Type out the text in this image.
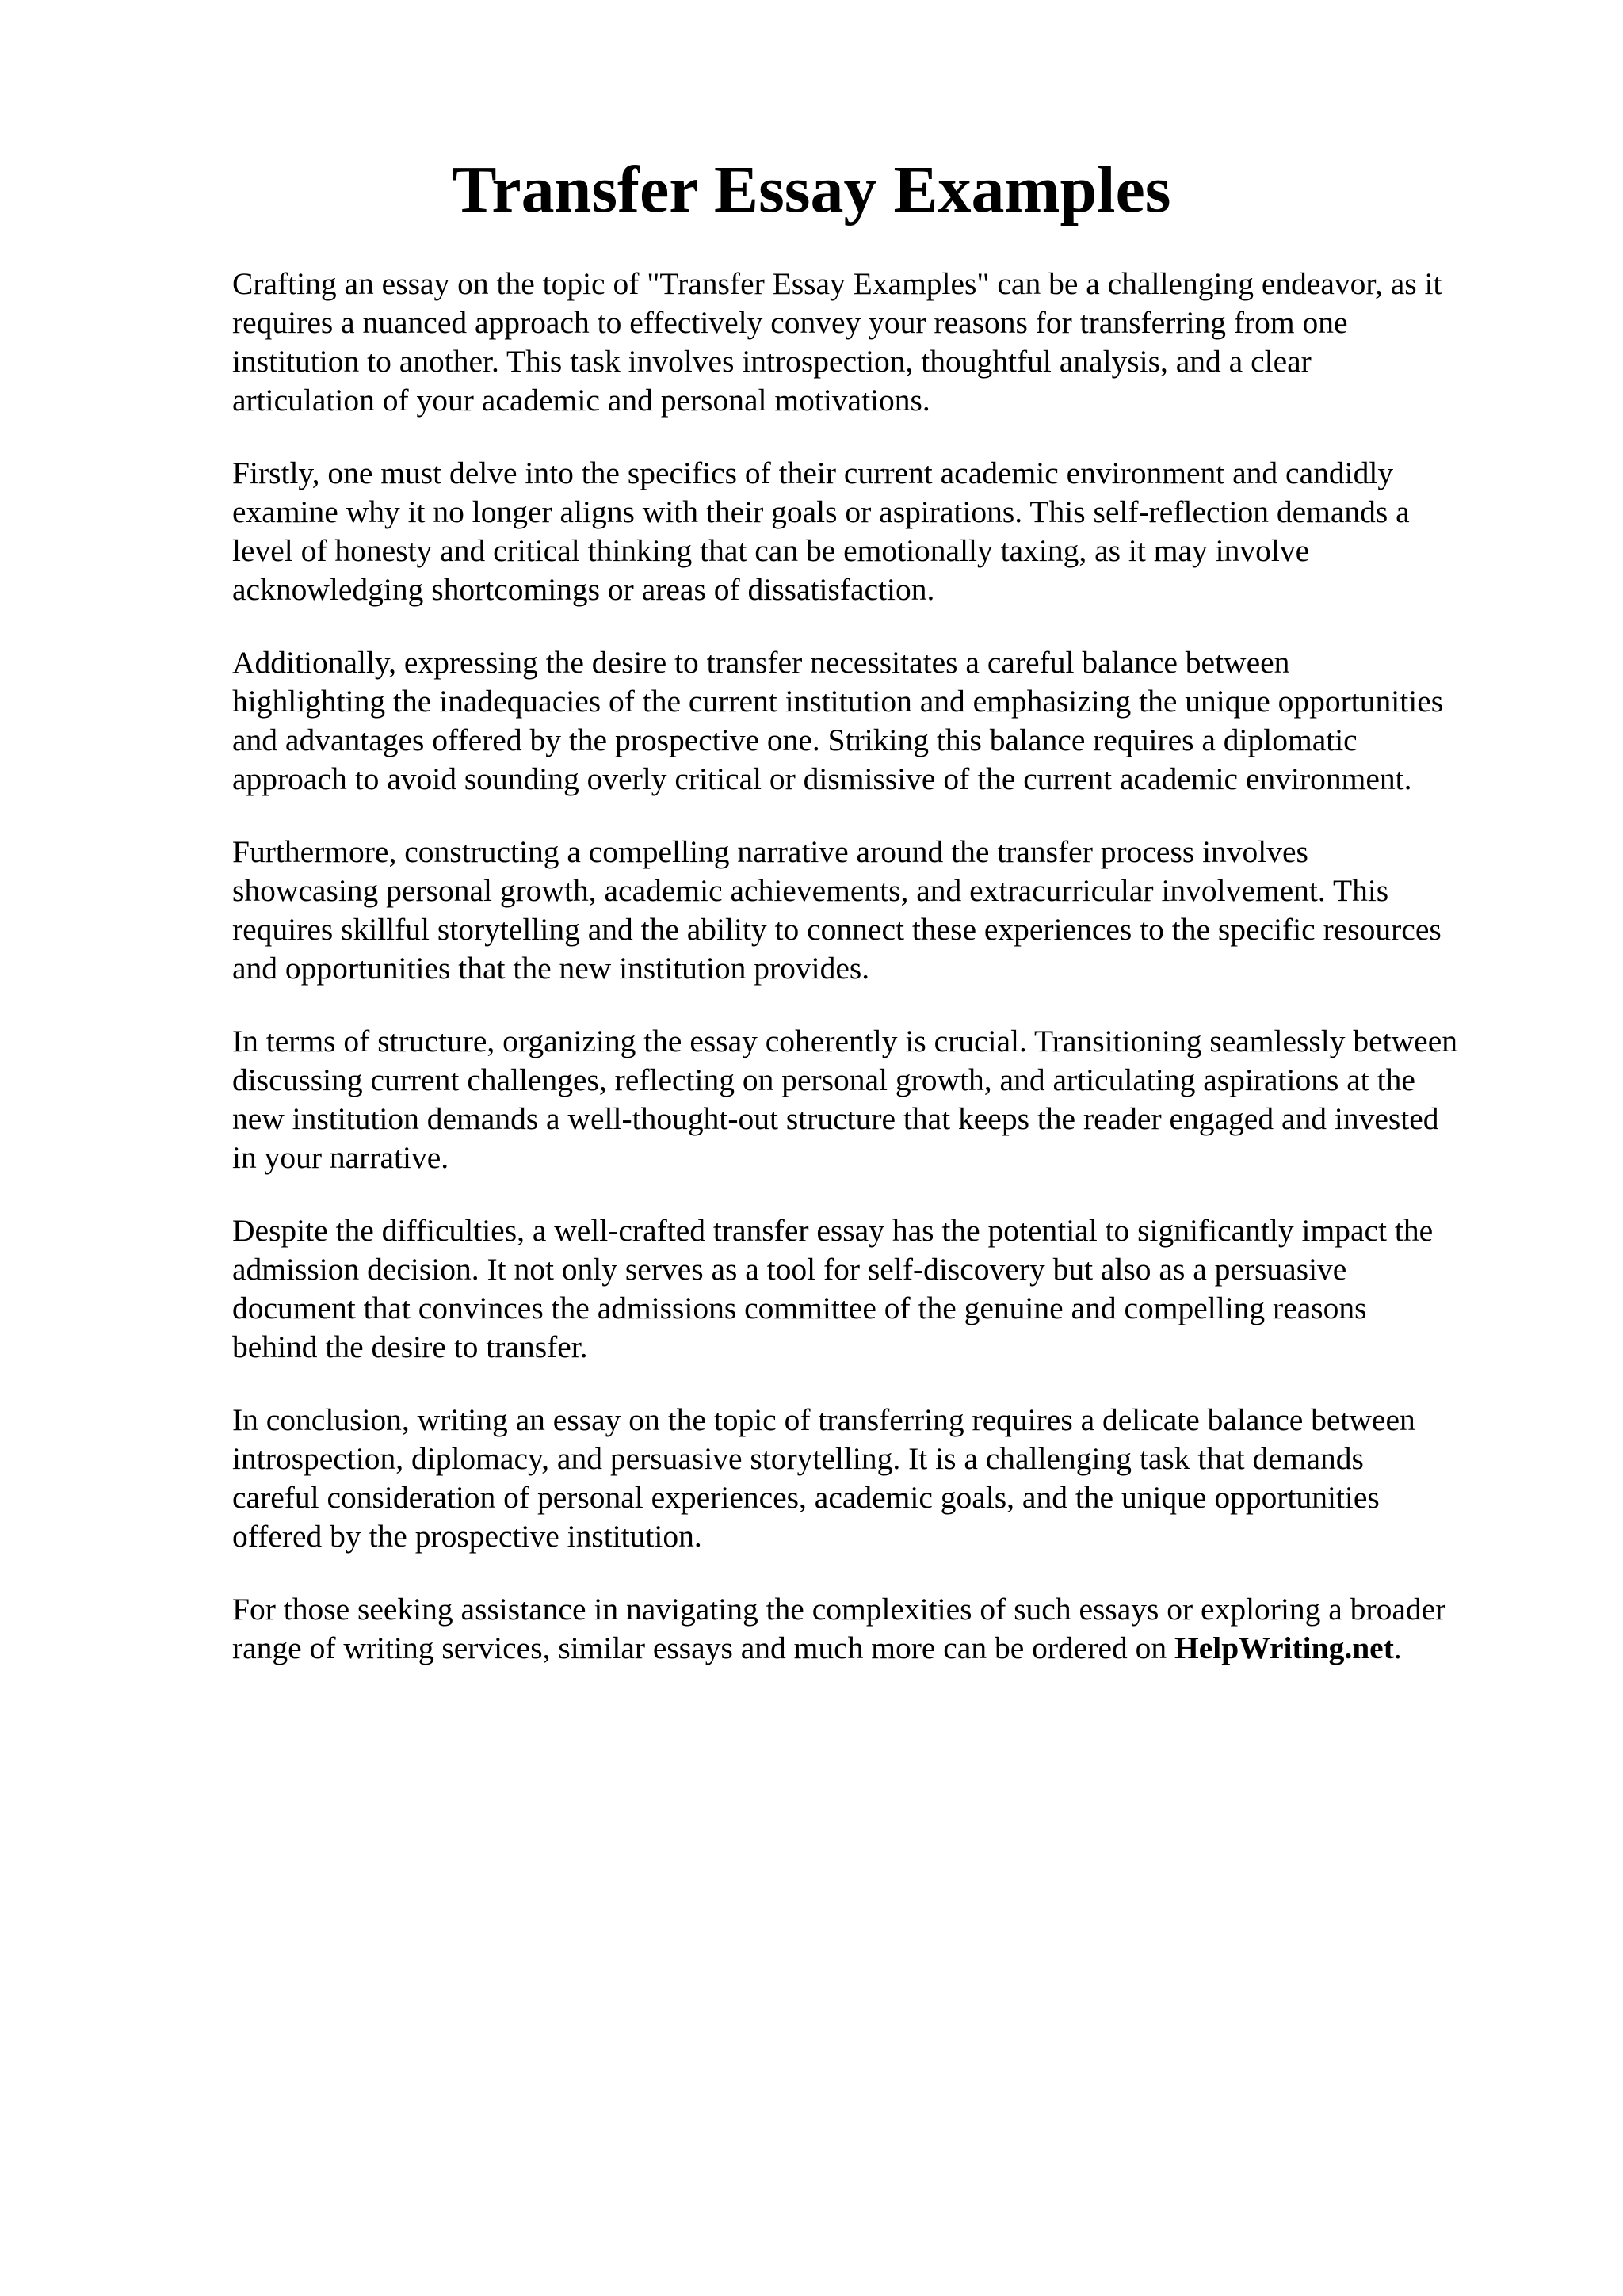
Transfer Essay Examples

Crafting an essay on the topic of "Transfer Essay Examples" can be a challenging endeavor, as it
requires a nuanced approach to effectively convey your reasons for transferring from one
institution to another. This task involves introspection, thoughtful analysis, and a clear
articulation of your academic and personal motivations.

Firstly, one must delve into the specifics of their current academic environment and candidly
examine why it no longer aligns with their goals or aspirations. This self-reflection demands a
level of honesty and critical thinking that can be emotionally taxing, as it may involve
acknowledging shortcomings or areas of dissatisfaction.

Additionally, expressing the desire to transfer necessitates a careful balance between
highlighting the inadequacies of the current institution and emphasizing the unique opportunities
and advantages offered by the prospective one. Striking this balance requires a diplomatic
approach to avoid sounding overly critical or dismissive of the current academic environment.

Furthermore, constructing a compelling narrative around the transfer process involves
showcasing personal growth, academic achievements, and extracurricular involvement. This
requires skillful storytelling and the ability to connect these experiences to the specific resources
and opportunities that the new institution provides.

In terms of structure, organizing the essay coherently is crucial. Transitioning seamlessly between
discussing current challenges, reflecting on personal growth, and articulating aspirations at the
new institution demands a well-thought-out structure that keeps the reader engaged and invested
in your narrative.

Despite the difficulties, a well-crafted transfer essay has the potential to significantly impact the
admission decision. It not only serves as a tool for self-discovery but also as a persuasive
document that convinces the admissions committee of the genuine and compelling reasons
behind the desire to transfer.

In conclusion, writing an essay on the topic of transferring requires a delicate balance between
introspection, diplomacy, and persuasive storytelling. It is a challenging task that demands
careful consideration of personal experiences, academic goals, and the unique opportunities
offered by the prospective institution.

For those seeking assistance in navigating the complexities of such essays or exploring a broader
range of writing services, similar essays and much more can be ordered on HelpWriting.net.
